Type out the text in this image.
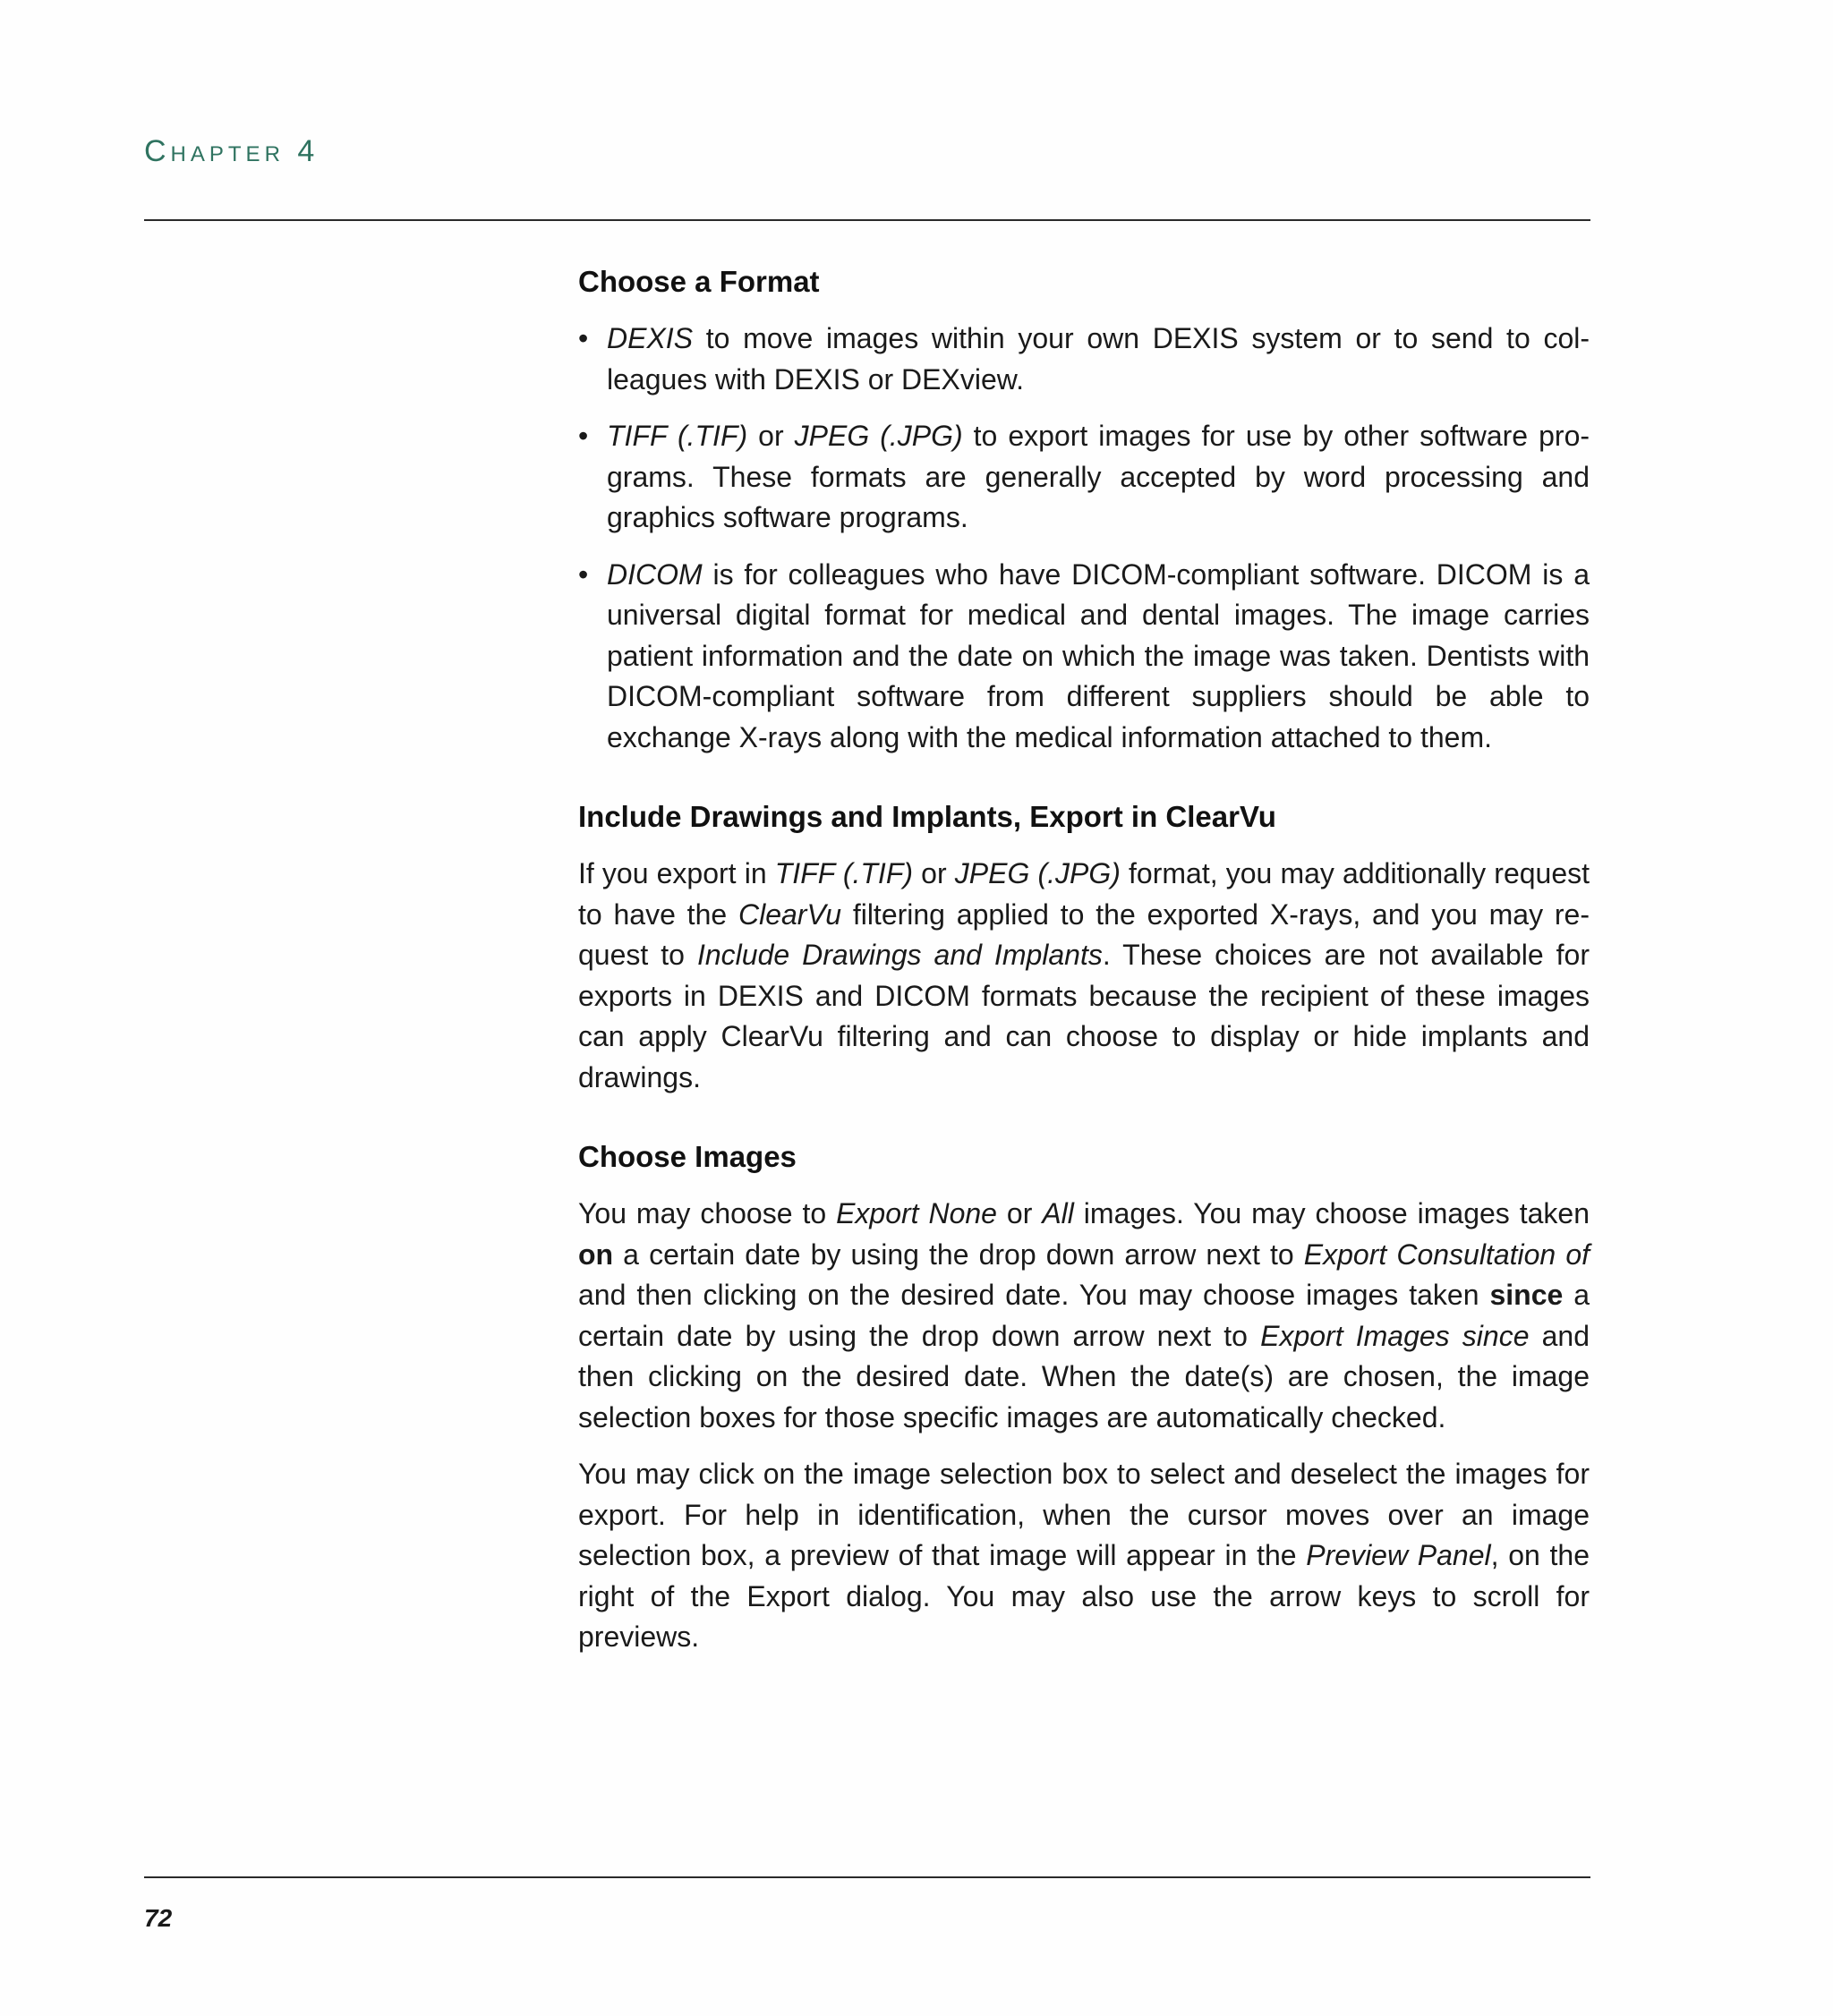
Chapter 4
Choose a Format
• DEXIS to move images within your own DEXIS system or to send to colleagues with DEXIS or DEXview.
• TIFF (.TIF) or JPEG (.JPG) to export images for use by other software programs. These formats are generally accepted by word processing and graphics software programs.
• DICOM is for colleagues who have DICOM-compliant software. DICOM is a universal digital format for medical and dental images. The image carries patient information and the date on which the image was taken. Dentists with DICOM-compliant software from different suppliers should be able to exchange X-rays along with the medical information attached to them.
Include Drawings and Implants, Export in ClearVu

If you export in TIFF (.TIF) or JPEG (.JPG) format, you may additionally request to have the ClearVu filtering applied to the exported X-rays, and you may request to Include Drawings and Implants. These choices are not available for exports in DEXIS and DICOM formats because the recipient of these images can apply ClearVu filtering and can choose to display or hide implants and drawings.

Choose Images

You may choose to Export None or All images. You may choose images taken on a certain date by using the drop down arrow next to Export Consultation of and then clicking on the desired date. You may choose images taken since a certain date by using the drop down arrow next to Export Images since and then clicking on the desired date. When the date(s) are chosen, the image selection boxes for those specific images are automatically checked.

You may click on the image selection box to select and deselect the images for export. For help in identification, when the cursor moves over an image selection box, a preview of that image will appear in the Preview Panel, on the right of the Export dialog. You may also use the arrow keys to scroll for previews.

72
